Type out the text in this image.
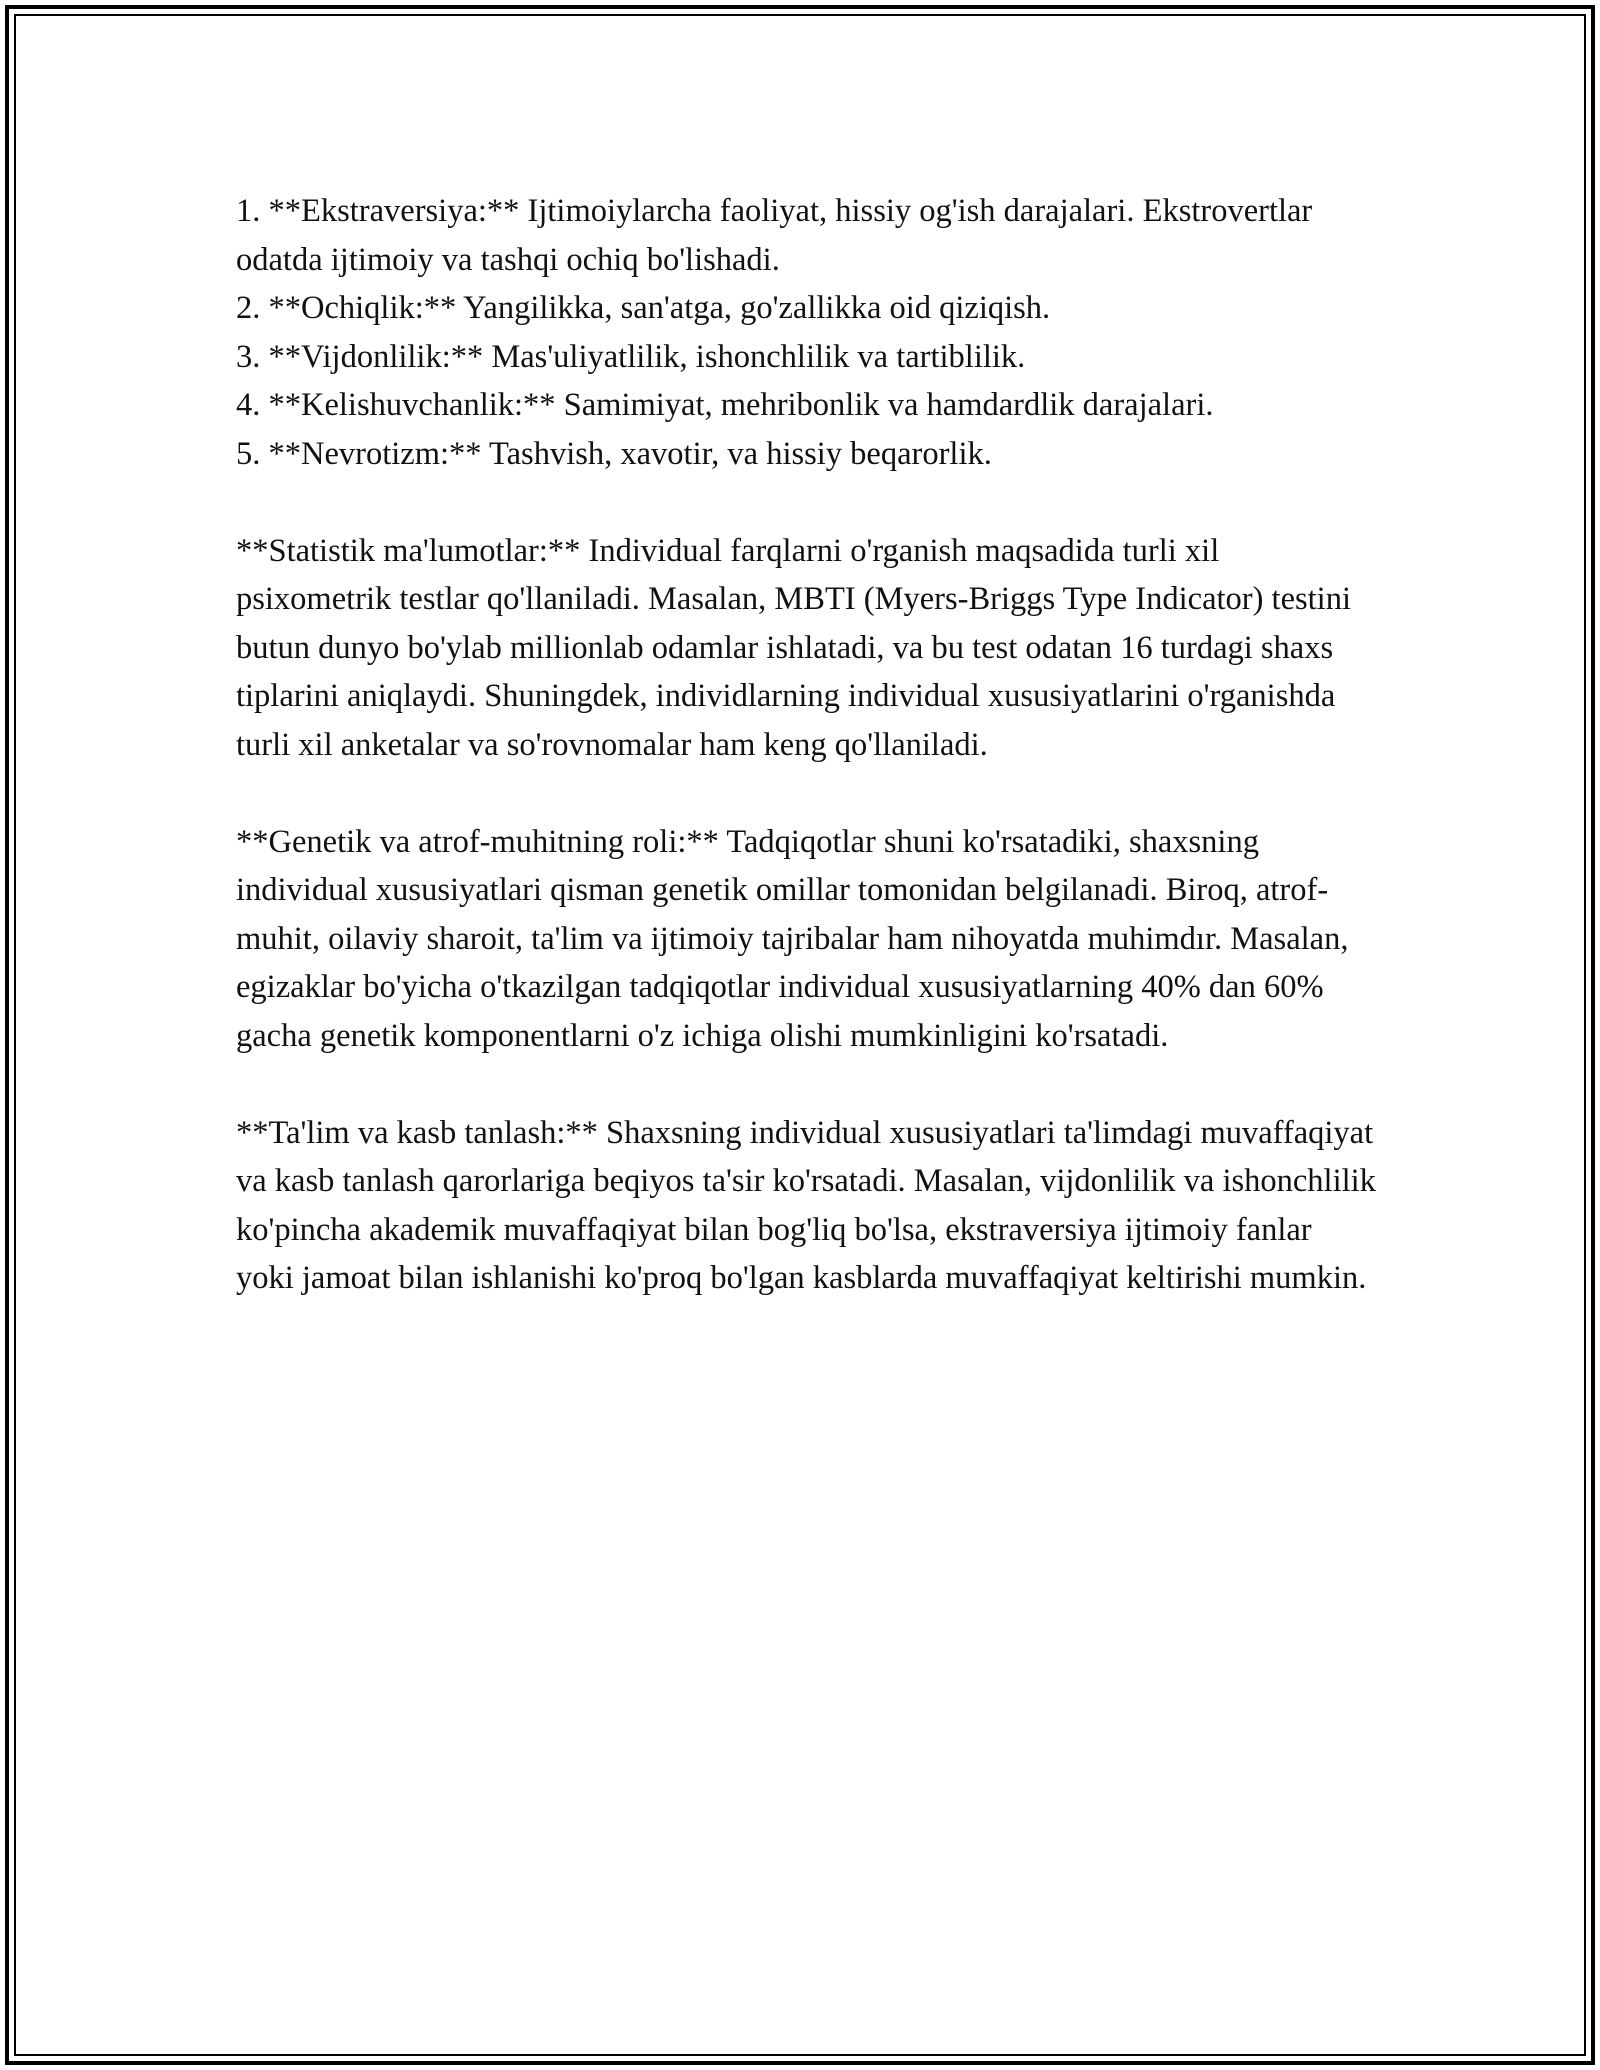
1. **Ekstraversiya:** Ijtimoiylarcha faoliyat, hissiy og'ish darajalari. Ekstrovertlar odatda ijtimoiy va tashqi ochiq bo'lishadi.

2. **Ochiqlik:** Yangilikka, san'atga, go'zallikka oid qiziqish.

3. **Vijdonlilik:** Mas'uliyatlilik, ishonchlilik va tartiblilik.

4. **Kelishuvchanlik:** Samimiyat, mehribonlik va hamdardlik darajalari.

5. **Nevrotizm:** Tashvish, xavotir, va hissiy beqarorlik.

**Statistik ma'lumotlar:** Individual farqlarni o'rganish maqsadida turli xil psixometrik testlar qo'llaniladi. Masalan, MBTI (Myers-Briggs Type Indicator) testini butun dunyo bo'ylab millionlab odamlar ishlatadi, va bu test odatan 16 turdagi shaxs tiplarini aniqlaydi. Shuningdek, individlarning individual xususiyatlarini o'rganishda turli xil anketalar va so'rovnomalar ham keng qo'llaniladi.

**Genetik va atrof-muhitning roli:** Tadqiqotlar shuni ko'rsatadiki, shaxsning individual xususiyatlari qisman genetik omillar tomonidan belgilanadi. Biroq, atrof-muhit, oilaviy sharoit, ta'lim va ijtimoiy tajribalar ham nihoyatda muhimdır. Masalan, egizaklar bo'yicha o'tkazilgan tadqiqotlar individual xususiyatlarning 40% dan 60% gacha genetik komponentlarni o'z ichiga olishi mumkinligini ko'rsatadi.

**Ta'lim va kasb tanlash:** Shaxsning individual xususiyatlari ta'limdagi muvaffaqiyat va kasb tanlash qarorlariga beqiyos ta'sir ko'rsatadi. Masalan, vijdonlilik va ishonchlilik ko'pincha akademik muvaffaqiyat bilan bog'liq bo'lsa, ekstraversiya ijtimoiy fanlar yoki jamoat bilan ishlanishi ko'proq bo'lgan kasblarda muvaffaqiyat keltirishi mumkin.
